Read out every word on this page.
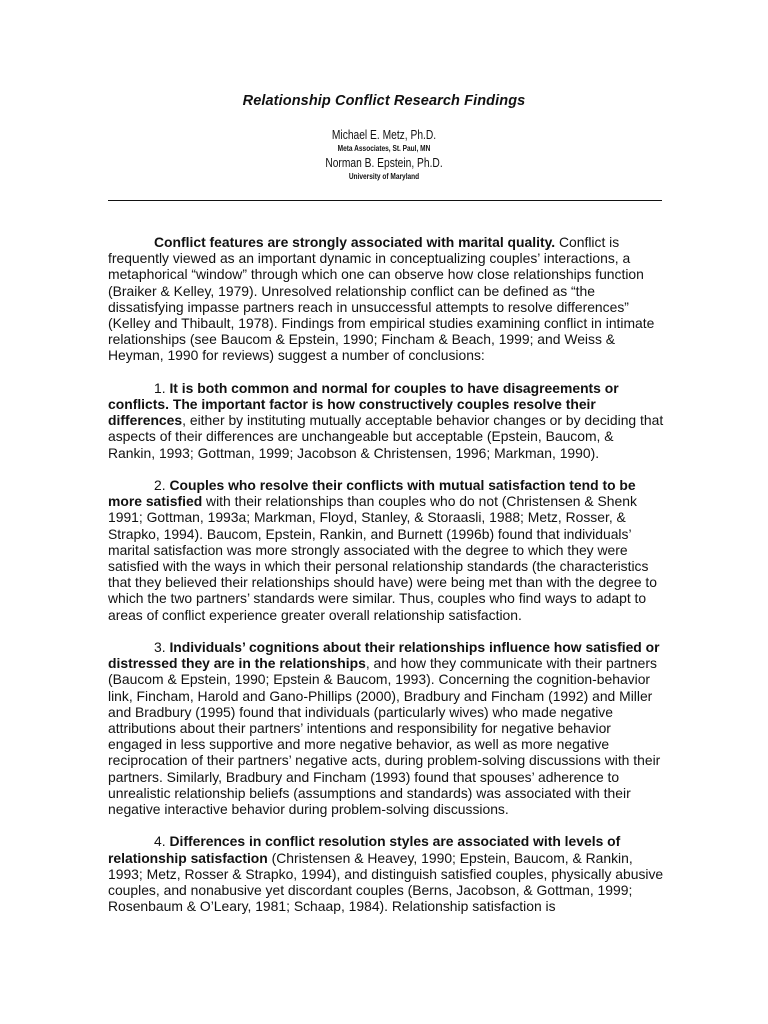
Relationship Conflict Research Findings
Michael E. Metz, Ph.D.
Meta Associates, St. Paul, MN
Norman B. Epstein, Ph.D.
University of Maryland

Conflict features are strongly associated with marital quality. Conflict is frequently viewed as an important dynamic in conceptualizing couples’ interactions, a metaphorical “window” through which one can observe how close relationships function (Braiker & Kelley, 1979). Unresolved relationship conflict can be defined as “the dissatisfying impasse partners reach in unsuccessful attempts to resolve differences” (Kelley and Thibault, 1978). Findings from empirical studies examining conflict in intimate relationships (see Baucom & Epstein, 1990; Fincham & Beach, 1999; and Weiss & Heyman, 1990 for reviews) suggest a number of conclusions:

1. It is both common and normal for couples to have disagreements or conflicts. The important factor is how constructively couples resolve their differences, either by instituting mutually acceptable behavior changes or by deciding that aspects of their differences are unchangeable but acceptable (Epstein, Baucom, & Rankin, 1993; Gottman, 1999; Jacobson & Christensen, 1996; Markman, 1990).

2. Couples who resolve their conflicts with mutual satisfaction tend to be more satisfied with their relationships than couples who do not (Christensen & Shenk 1991; Gottman, 1993a; Markman, Floyd, Stanley, & Storaasli, 1988; Metz, Rosser, & Strapko, 1994). Baucom, Epstein, Rankin, and Burnett (1996b) found that individuals’ marital satisfaction was more strongly associated with the degree to which they were satisfied with the ways in which their personal relationship standards (the characteristics that they believed their relationships should have) were being met than with the degree to which the two partners’ standards were similar. Thus, couples who find ways to adapt to areas of conflict experience greater overall relationship satisfaction.

3. Individuals’ cognitions about their relationships influence how satisfied or distressed they are in the relationships, and how they communicate with their partners (Baucom & Epstein, 1990; Epstein & Baucom, 1993). Concerning the cognition-behavior link, Fincham, Harold and Gano-Phillips (2000), Bradbury and Fincham (1992) and Miller and Bradbury (1995) found that individuals (particularly wives) who made negative attributions about their partners’ intentions and responsibility for negative behavior engaged in less supportive and more negative behavior, as well as more negative reciprocation of their partners’ negative acts, during problem-solving discussions with their partners. Similarly, Bradbury and Fincham (1993) found that spouses’ adherence to unrealistic relationship beliefs (assumptions and standards) was associated with their negative interactive behavior during problem-solving discussions.

4. Differences in conflict resolution styles are associated with levels of relationship satisfaction (Christensen & Heavey, 1990; Epstein, Baucom, & Rankin, 1993; Metz, Rosser & Strapko, 1994), and distinguish satisfied couples, physically abusive couples, and nonabusive yet discordant couples (Berns, Jacobson, & Gottman, 1999; Rosenbaum & O’Leary, 1981; Schaap, 1984). Relationship satisfaction is
